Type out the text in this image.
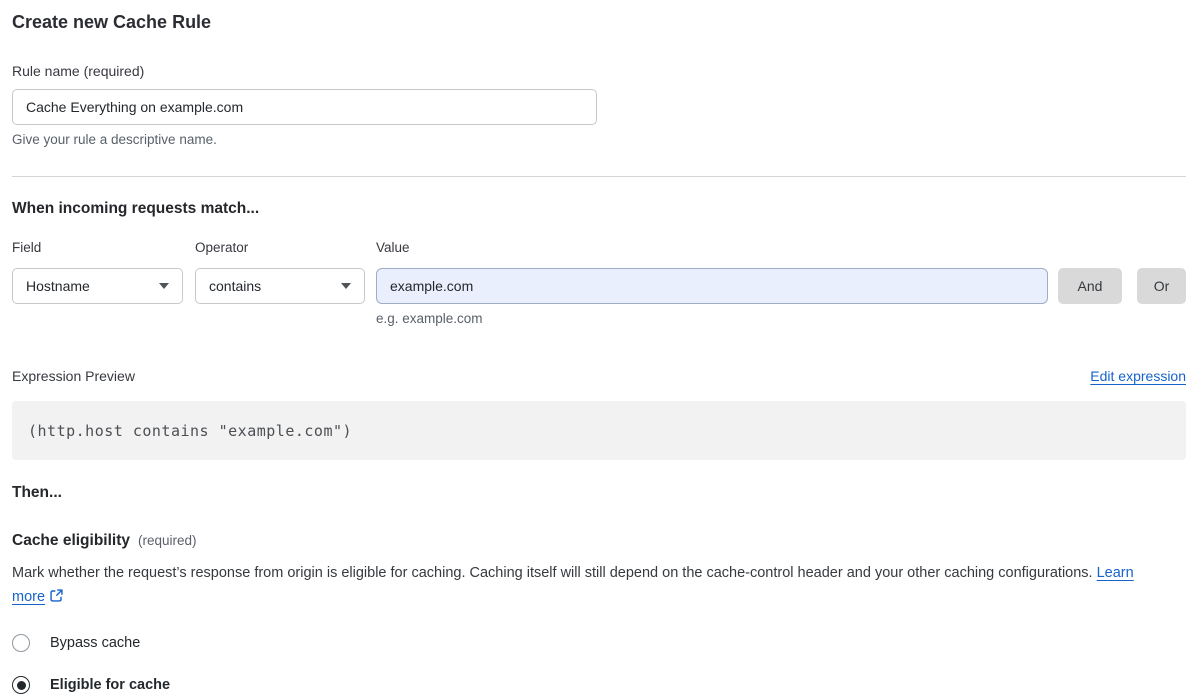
Create new Cache Rule
Rule name (required)
Cache Everything on example.com
Give your rule a descriptive name.
When incoming requests match...
Field
Hostname
Operator
contains
Value
example.com
e.g. example.com
And	Or
Expression Preview	Edit expression
(http.host contains "example.com")
Then...
Cache eligibility (required)

Mark whether the request’s response from origin is eligible for caching. Caching itself will still depend on the cache-control header and your other caching configurations. Learn more

Bypass cache
Eligible for cache
